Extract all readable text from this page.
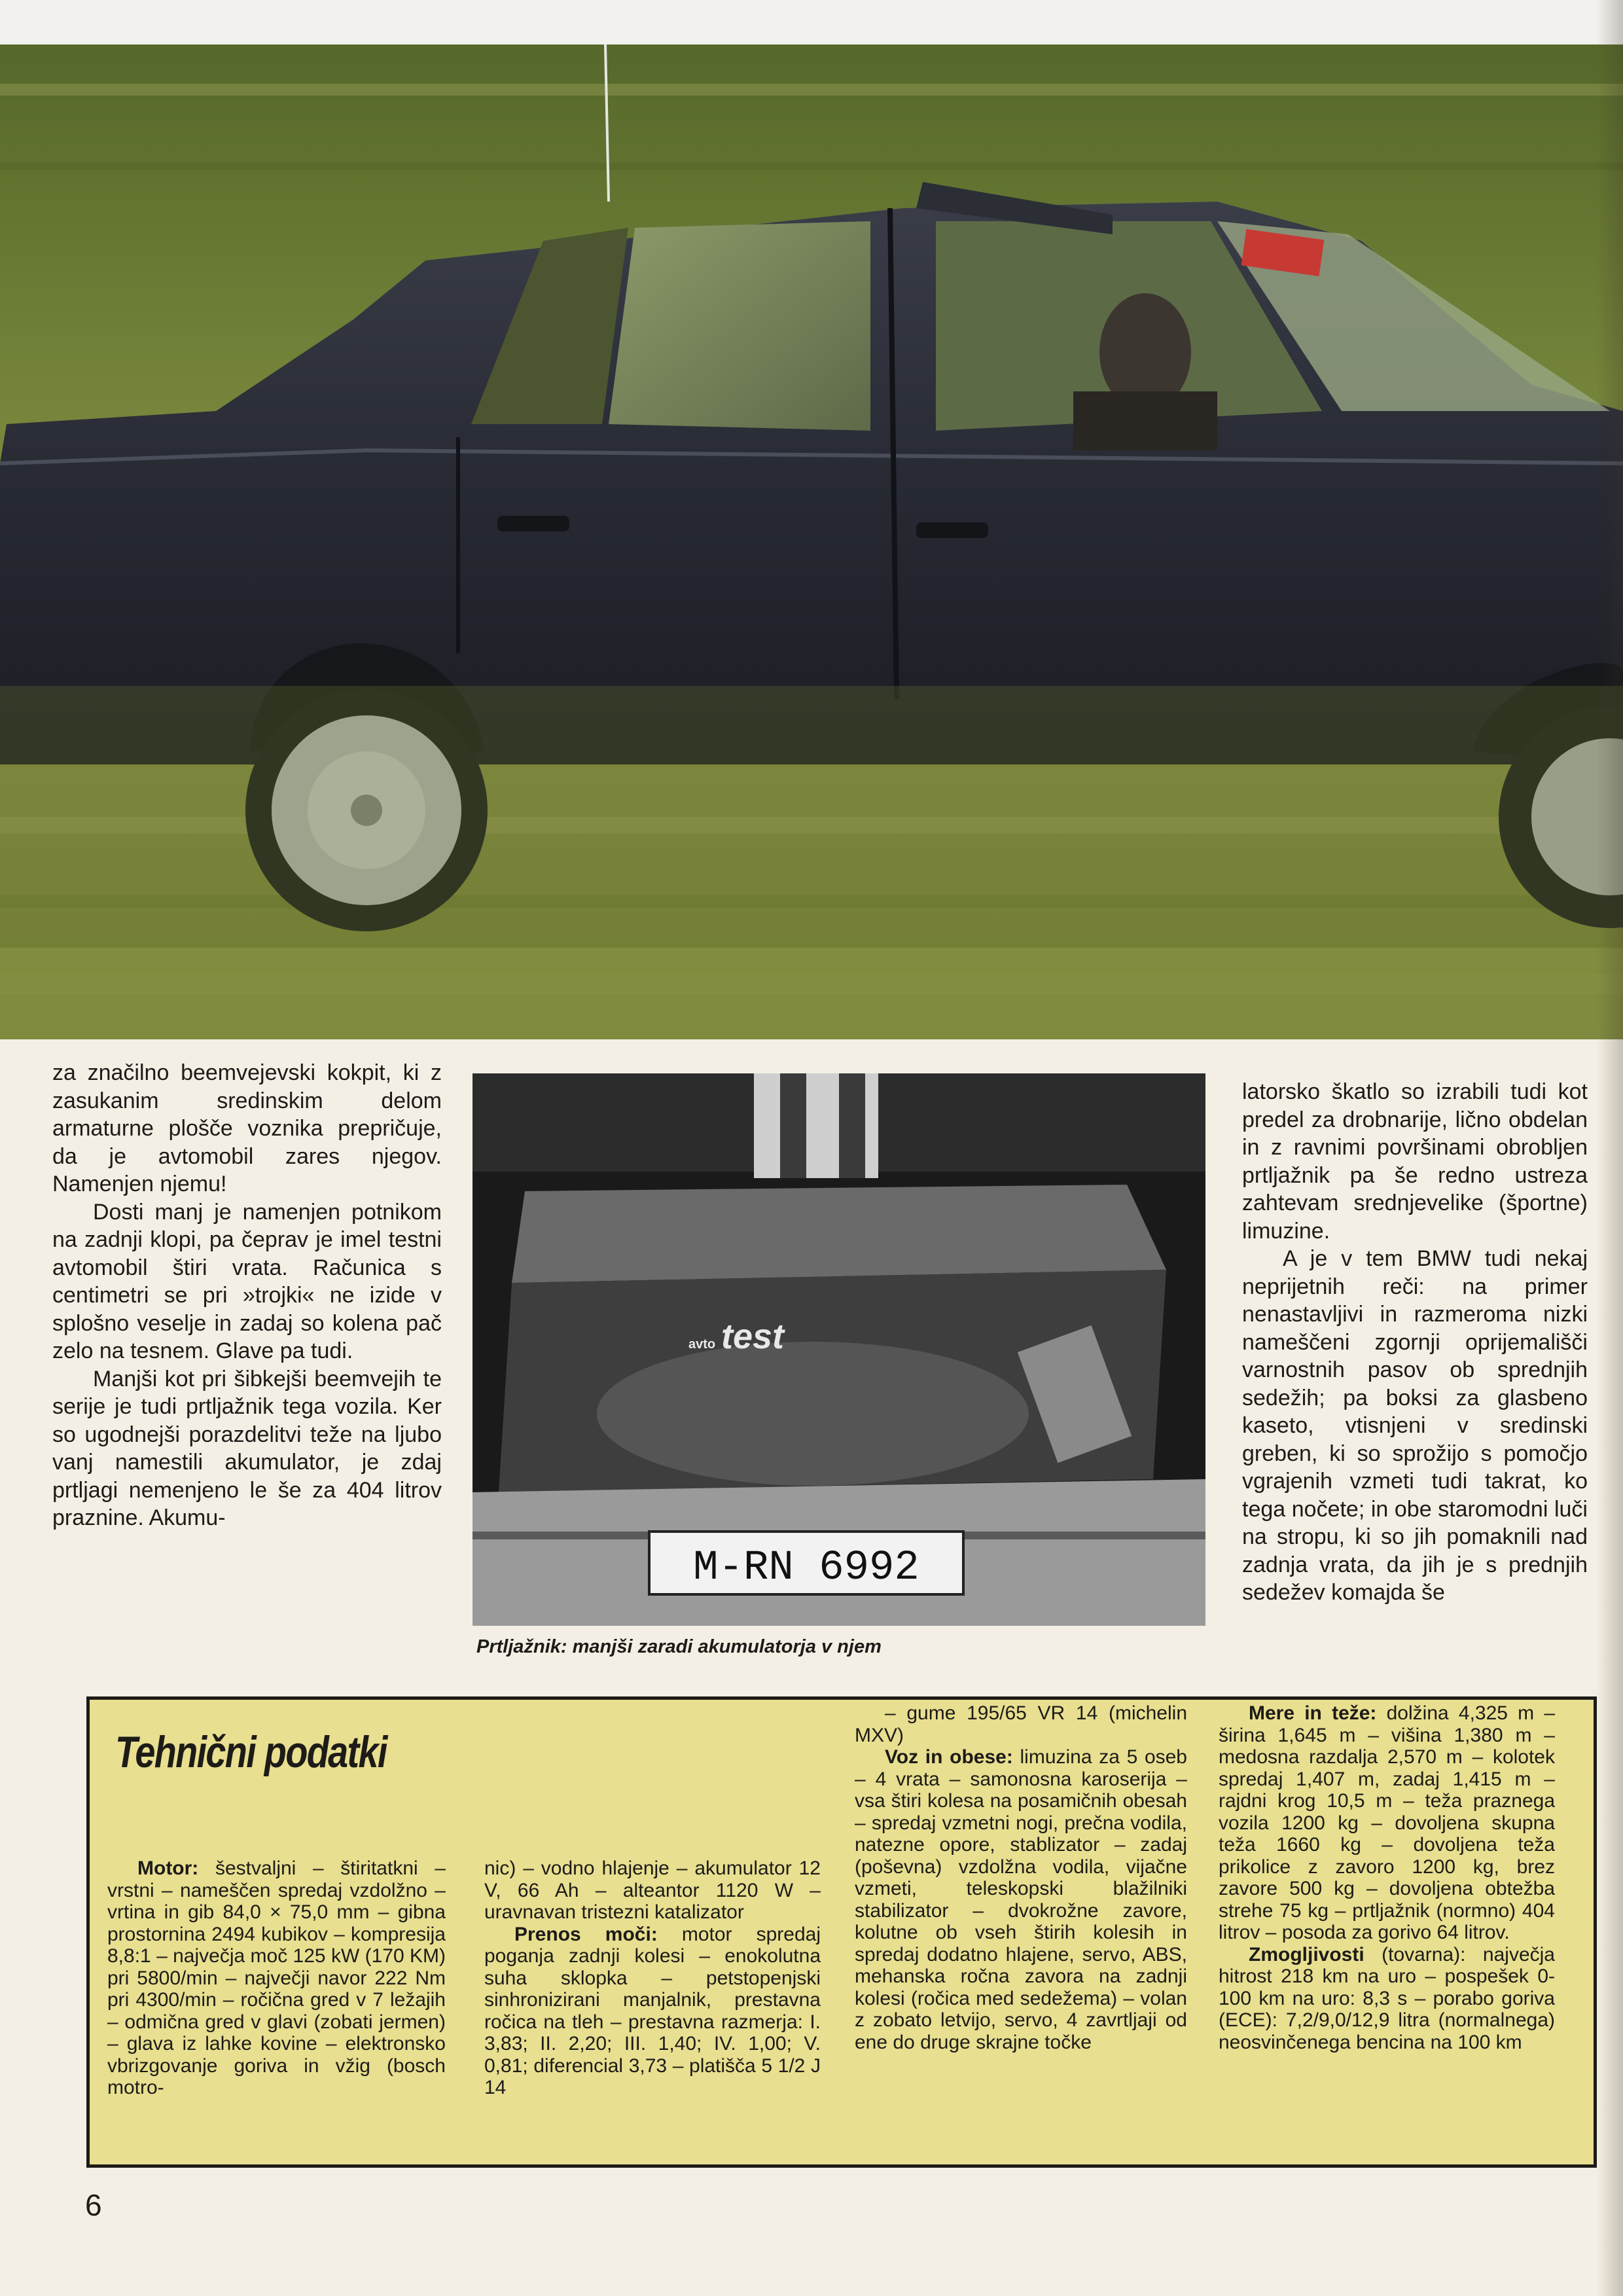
za značilno beemvejevski kokpit, ki z zasukanim sredinskim delom armaturne plošče voznika prepričuje, da je avtomobil zares njegov. Namenjen njemu!

Dosti manj je namenjen potnikom na zadnji klopi, pa čeprav je imel testni avtomobil štiri vrata. Računica s centimetri se pri »trojki« ne izide v splošno veselje in zadaj so kolena pač zelo na tesnem. Glave pa tudi.

Manjši kot pri šibkejši beemvejih te serije je tudi prtljažnik tega vozila. Ker so ugodnejši porazdelitvi teže na ljubo vanj namestili akumulator, je zdaj prtljagi nemenjeno le še za 404 litrov praznine. Akumu-

test
avto
M-RN 6992
Prtljažnik: manjši zaradi akumulatorja v njem

latorsko škatlo so izrabili tudi kot predel za drobnarije, lično obdelan in z ravnimi površinami obrobljen prtljažnik pa še redno ustreza zahtevam srednjevelike (športne) limuzine.

A je v tem BMW tudi nekaj neprijetnih reči: na primer nenastavljivi in razmeroma nizki nameščeni zgornji oprijemališči varnostnih pasov ob sprednjih sedežih; pa boksi za glasbeno kaseto, vtisnjeni v sredinski greben, ki so sprožijo s pomočjo vgrajenih vzmeti tudi takrat, ko tega nočete; in obe staromodni luči na stropu, ki so jih pomaknili nad zadnja vrata, da jih je s prednjih sedežev komajda še

Tehnični podatki

Motor: šestvaljni – štiritatkni – vrstni – nameščen spredaj vzdolžno – vrtina in gib 84,0 × 75,0 mm – gibna prostornina 2494 kubikov – kompresija 8,8:1 – največja moč 125 kW (170 KM) pri 5800/min – največji navor 222 Nm pri 4300/min – ročična gred v 7 ležajih – odmična gred v glavi (zobati jermen) – glava iz lahke kovine – elektronsko vbrizgovanje goriva in vžig (bosch motro-

nic) – vodno hlajenje – akumulator 12 V, 66 Ah – alteantor 1120 W – uravnavan tristezni katalizator

Prenos moči: motor spredaj poganja zadnji kolesi – enokolutna suha sklopka – petstopenjski sinhronizirani manjalnik, prestavna ročica na tleh – prestavna razmerja: I. 3,83; II. 2,20; III. 1,40; IV. 1,00; V. 0,81; diferencial 3,73 – platišča 5 1/2 J 14

– gume 195/65 VR 14 (michelin MXV)

Voz in obese: limuzina za 5 oseb – 4 vrata – samonosna karoserija – vsa štiri kolesa na posamičnih obesah – spredaj vzmetni nogi, prečna vodila, natezne opore, stablizator – zadaj (poševna) vzdolžna vodila, vijačne vzmeti, teleskopski blažilniki stabilizator – dvokrožne zavore, kolutne ob vseh štirih kolesih in spredaj dodatno hlajene, servo, ABS, mehanska ročna zavora na zadnji kolesi (ročica med sedežema) – volan z zobato letvijo, servo, 4 zavrtljaji od ene do druge skrajne točke

Mere in teže: dolžina 4,325 m – širina 1,645 m – višina 1,380 m – medosna razdalja 2,570 m – kolotek spredaj 1,407 m, zadaj 1,415 m – rajdni krog 10,5 m – teža praznega vozila 1200 kg – dovoljena skupna teža 1660 kg – dovoljena teža prikolice z zavoro 1200 kg, brez zavore 500 kg – dovoljena obtežba strehe 75 kg – prtljažnik (normno) 404 litrov – posoda za gorivo 64 litrov.

Zmogljivosti (tovarna): največja hitrost 218 km na uro – pospešek 0-100 km na uro: 8,3 s – porabo goriva (ECE): 7,2/9,0/12,9 litra (normalnega) neosvinčenega bencina na 100 km

6
